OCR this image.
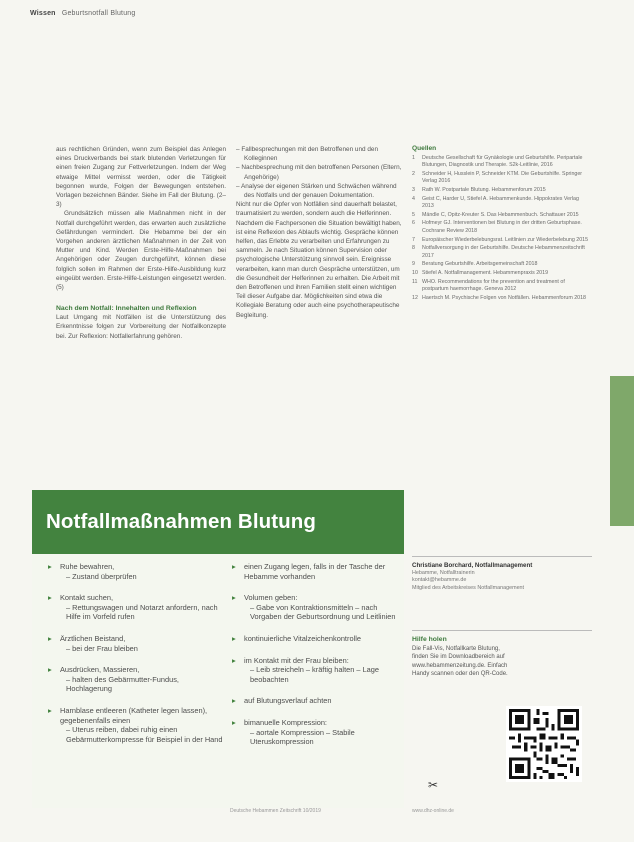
Wissen Geburtsnotfall Blutung

aus rechtlichen Gründen, wenn zum Beispiel das Anlegen eines Druckverbands bei stark blutenden Verletzungen für einen freien Zugang zur Fettverletzungen. Indem der Weg etwaige Mittel vermisst werden, oder die Tätigkeit begonnen wurde, Folgen der Bewegungen entstehen. Vorlagen bezeichnen Bänder. Siehe im Fall der Blutung. (2–3)

Grundsätzlich müssen alle Maßnahmen nicht in der Notfall durchgeführt werden, das erwarten auch zusätzliche Gefährdungen vermindert. Die Hebamme bei der ein Vorgehen anderen ärztlichen Maßnahmen in der Zeit von Mutter und Kind. Werden Erste-Hilfe-Maßnahmen bei Angehörigen oder Zeugen durchgeführt, können diese folglich sollen im Rahmen der Erste-Hilfe-Ausbildung kurz eingeübt werden. Erste-Hilfe-Leistungen eingesetzt werden. (5)

Nach dem Notfall: Innehalten und Reflexion

Laut Umgang mit Notfällen ist die Unterstützung des Erkenntnisse folgen zur Vorbereitung der Notfallkonzepte bei. Zur Reflexion: Notfallerfahrung gehören.

– Fallbesprechungen mit den Betroffenen und den Kolleginnen

– Nachbesprechung mit den betroffenen Personen (Eltern, Angehörige)

– Analyse der eigenen Stärken und Schwächen während des Notfalls und der genauen Dokumentation.

Nicht nur die Opfer von Notfällen sind dauerhaft belastet, traumatisiert zu werden, sondern auch die Helferinnen. Nachdem die Fachpersonen die Situation bewältigt haben, ist eine Reflexion des Ablaufs wichtig. Gespräche können helfen, das Erlebte zu verarbeiten und Erfahrungen zu sammeln. Je nach Situation können Supervision oder psychologische Unterstützung sinnvoll sein. Ereignisse verarbeiten, kann man durch Gespräche unterstützen, um die Gesundheit der Helferinnen zu erhalten. Die Arbeit mit den Betroffenen und ihren Familien stellt einen wichtigen Teil dieser Aufgabe dar. Möglichkeiten sind etwa die Kollegiale Beratung oder auch eine psychotherapeutische Begleitung.

Quellen
1 Deutsche Gesellschaft für Gynäkologie und Geburtshilfe. Peripartale Blutungen, Diagnostik und Therapie. S2k-Leitlinie, 2016
2 Schneider H, Husslein P, Schneider KTM. Die Geburtshilfe. Springer Verlag 2016
3 Rath W. Postpartale Blutung. Hebammenforum 2015
4 Geist C, Harder U, Stiefel A. Hebammenkunde. Hippokrates Verlag 2013
5 Mändle C, Opitz-Kreuter S. Das Hebammenbuch. Schattauer 2015
6 Hofmeyr GJ. Interventionen bei Blutung in der dritten Geburtsphase. Cochrane Review 2018
7 Europäischer Wiederbelebungsrat. Leitlinien zur Wiederbelebung 2015
8 Notfallversorgung in der Geburtshilfe. Deutsche Hebammenzeitschrift 2017
9 Beratung Geburtshilfe. Arbeitsgemeinschaft 2018
10 Stiefel A. Notfallmanagement. Hebammenpraxis 2019
11 WHO. Recommendations for the prevention and treatment of postpartum haemorrhage. Geneva 2012
12 Haertsch M. Psychische Folgen von Notfällen. Hebammenforum 2018
Christiane Borchard, Notfallmanagement
Hebamme, Notfalltrainerin
kontakt@hebamme.de
Mitglied des Arbeitskreises Notfallmanagement
Hilfe holen

Die Fall-Vis, Notfallkarte Blutung, finden Sie im Downloadbereich auf www.hebammenzeitung.de. Einfach Handy scannen oder den QR-Code.

Notfallmaßnahmen Blutung
▸ Ruhe bewahren,
– Zustand überprüfen
▸ Kontakt suchen,
– Rettungswagen und Notarzt anfordern, nach Hilfe im Vorfeld rufen
▸ Ärztlichen Beistand,
– bei der Frau bleiben
▸ Ausdrücken, Massieren,
– halten des Gebärmutter-Fundus, Hochlagerung
▸ Harnblase entleeren (Katheter legen lassen), gegebenenfalls einen
– Uterus reiben, dabei ruhig einen Gebärmutterkompresse für Beispiel in der Hand
▸ einen Zugang legen, falls in der Tasche der Hebamme vorhanden
▸ Volumen geben:
– Gabe von Kontraktionsmitteln – nach Vorgaben der Geburtsordnung und Leitlinien
▸ kontinuierliche Vitalzeichenkontrolle
▸ im Kontakt mit der Frau bleiben:
– Leib streicheln – kräftig halten – Lage beobachten
▸ auf Blutungsverlauf achten
▸ bimanuelle Kompression:
– aortale Kompression – Stabile Uteruskompression
✂
Deutsche Hebammen Zeitschrift 10/2019	www.dhz-online.de
